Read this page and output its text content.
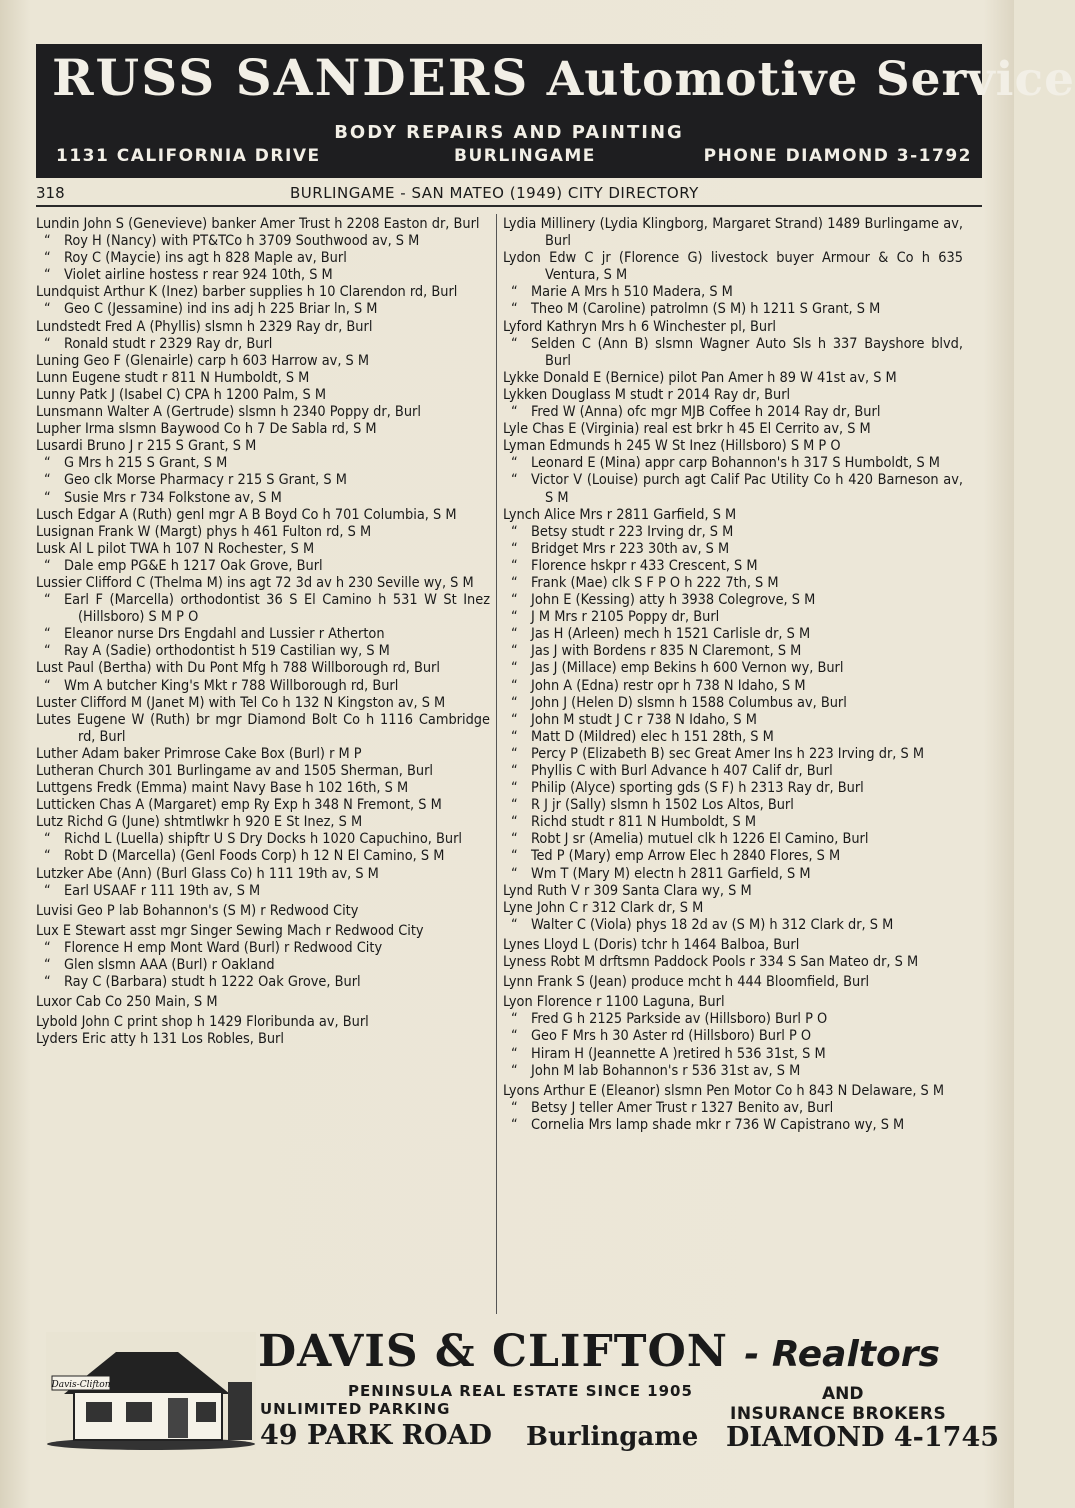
RUSS SANDERS Automotive Service
BODY REPAIRS AND PAINTING
1131 CALIFORNIA DRIVE	BURLINGAME	PHONE DIAMOND 3-1792
318	BURLINGAME - SAN MATEO (1949) CITY DIRECTORY
Lundin John S (Genevieve) banker Amer Trust h 2208 Easton dr, Burl
“ Roy H (Nancy) with PT&TCo h 3709 Southwood av, S M
“ Roy C (Maycie) ins agt h 828 Maple av, Burl
“ Violet airline hostess r rear 924 10th, S M
Lundquist Arthur K (Inez) barber supplies h 10 Clarendon rd, Burl
“ Geo C (Jessamine) ind ins adj h 225 Briar ln, S M
Lundstedt Fred A (Phyllis) slsmn h 2329 Ray dr, Burl
“ Ronald studt r 2329 Ray dr, Burl
Luning Geo F (Glenairle) carp h 603 Harrow av, S M
Lunn Eugene studt r 811 N Humboldt, S M
Lunny Patk J (Isabel C) CPA h 1200 Palm, S M
Lunsmann Walter A (Gertrude) slsmn h 2340 Poppy dr, Burl
Lupher Irma slsmn Baywood Co h 7 De Sabla rd, S M
Lusardi Bruno J r 215 S Grant, S M
“ G Mrs h 215 S Grant, S M
“ Geo clk Morse Pharmacy r 215 S Grant, S M
“ Susie Mrs r 734 Folkstone av, S M
Lusch Edgar A (Ruth) genl mgr A B Boyd Co h 701 Columbia, S M
Lusignan Frank W (Margt) phys h 461 Fulton rd, S M
Lusk Al L pilot TWA h 107 N Rochester, S M
“ Dale emp PG&E h 1217 Oak Grove, Burl
Lussier Clifford C (Thelma M) ins agt 72 3d av h 230 Seville wy, S M
“ Earl F (Marcella) orthodontist 36 S El Camino h 531 W St Inez (Hillsboro) S M P O
“ Eleanor nurse Drs Engdahl and Lussier r Atherton
“ Ray A (Sadie) orthodontist h 519 Castilian wy, S M
Lust Paul (Bertha) with Du Pont Mfg h 788 Willborough rd, Burl
“ Wm A butcher King's Mkt r 788 Willborough rd, Burl
Luster Clifford M (Janet M) with Tel Co h 132 N Kingston av, S M
Lutes Eugene W (Ruth) br mgr Diamond Bolt Co h 1116 Cambridge rd, Burl
Luther Adam baker Primrose Cake Box (Burl) r M P
Lutheran Church 301 Burlingame av and 1505 Sherman, Burl
Luttgens Fredk (Emma) maint Navy Base h 102 16th, S M
Lutticken Chas A (Margaret) emp Ry Exp h 348 N Fremont, S M
Lutz Richd G (June) shtmtlwkr h 920 E St Inez, S M
“ Richd L (Luella) shipftr U S Dry Docks h 1020 Capuchino, Burl
“ Robt D (Marcella) (Genl Foods Corp) h 12 N El Camino, S M
Lutzker Abe (Ann) (Burl Glass Co) h 111 19th av, S M
“ Earl USAAF r 111 19th av, S M
Luvisi Geo P lab Bohannon's (S M) r Redwood City
Lux E Stewart asst mgr Singer Sewing Mach r Redwood City
“ Florence H emp Mont Ward (Burl) r Redwood City
“ Glen slsmn AAA (Burl) r Oakland
“ Ray C (Barbara) studt h 1222 Oak Grove, Burl
Luxor Cab Co 250 Main, S M
Lybold John C print shop h 1429 Floribunda av, Burl
Lyders Eric atty h 131 Los Robles, Burl
Lydia Millinery (Lydia Klingborg, Margaret Strand) 1489 Burlingame av, Burl
Lydon Edw C jr (Florence G) livestock buyer Armour & Co h 635 Ventura, S M
“ Marie A Mrs h 510 Madera, S M
“ Theo M (Caroline) patrolmn (S M) h 1211 S Grant, S M
Lyford Kathryn Mrs h 6 Winchester pl, Burl
“ Selden C (Ann B) slsmn Wagner Auto Sls h 337 Bayshore blvd, Burl
Lykke Donald E (Bernice) pilot Pan Amer h 89 W 41st av, S M
Lykken Douglass M studt r 2014 Ray dr, Burl
“ Fred W (Anna) ofc mgr MJB Coffee h 2014 Ray dr, Burl
Lyle Chas E (Virginia) real est brkr h 45 El Cerrito av, S M
Lyman Edmunds h 245 W St Inez (Hillsboro) S M P O
“ Leonard E (Mina) appr carp Bohannon's h 317 S Humboldt, S M
“ Victor V (Louise) purch agt Calif Pac Utility Co h 420 Barneson av, S M
Lynch Alice Mrs r 2811 Garfield, S M
“ Betsy studt r 223 Irving dr, S M
“ Bridget Mrs r 223 30th av, S M
“ Florence hskpr r 433 Crescent, S M
“ Frank (Mae) clk S F P O h 222 7th, S M
“ John E (Kessing) atty h 3938 Colegrove, S M
“ J M Mrs r 2105 Poppy dr, Burl
“ Jas H (Arleen) mech h 1521 Carlisle dr, S M
“ Jas J with Bordens r 835 N Claremont, S M
“ Jas J (Millace) emp Bekins h 600 Vernon wy, Burl
“ John A (Edna) restr opr h 738 N Idaho, S M
“ John J (Helen D) slsmn h 1588 Columbus av, Burl
“ John M studt J C r 738 N Idaho, S M
“ Matt D (Mildred) elec h 151 28th, S M
“ Percy P (Elizabeth B) sec Great Amer Ins h 223 Irving dr, S M
“ Phyllis C with Burl Advance h 407 Calif dr, Burl
“ Philip (Alyce) sporting gds (S F) h 2313 Ray dr, Burl
“ R J jr (Sally) slsmn h 1502 Los Altos, Burl
“ Richd studt r 811 N Humboldt, S M
“ Robt J sr (Amelia) mutuel clk h 1226 El Camino, Burl
“ Ted P (Mary) emp Arrow Elec h 2840 Flores, S M
“ Wm T (Mary M) electn h 2811 Garfield, S M
Lynd Ruth V r 309 Santa Clara wy, S M
Lyne John C r 312 Clark dr, S M
“ Walter C (Viola) phys 18 2d av (S M) h 312 Clark dr, S M
Lynes Lloyd L (Doris) tchr h 1464 Balboa, Burl
Lyness Robt M drftsmn Paddock Pools r 334 S San Mateo dr, S M
Lynn Frank S (Jean) produce mcht h 444 Bloomfield, Burl
Lyon Florence r 1100 Laguna, Burl
“ Fred G h 2125 Parkside av (Hillsboro) Burl P O
“ Geo F Mrs h 30 Aster rd (Hillsboro) Burl P O
“ Hiram H (Jeannette A )retired h 536 31st, S M
“ John M lab Bohannon's r 536 31st av, S M
Lyons Arthur E (Eleanor) slsmn Pen Motor Co h 843 N Delaware, S M
“ Betsy J teller Amer Trust r 1327 Benito av, Burl
“ Cornelia Mrs lamp shade mkr r 736 W Capistrano wy, S M
Davis-Clifton
DAVIS & CLIFTON - Realtors
PENINSULA REAL ESTATE SINCE 1905
UNLIMITED PARKING
49 PARK ROAD Burlingame
AND
INSURANCE BROKERS
DIAMOND 4-1745
